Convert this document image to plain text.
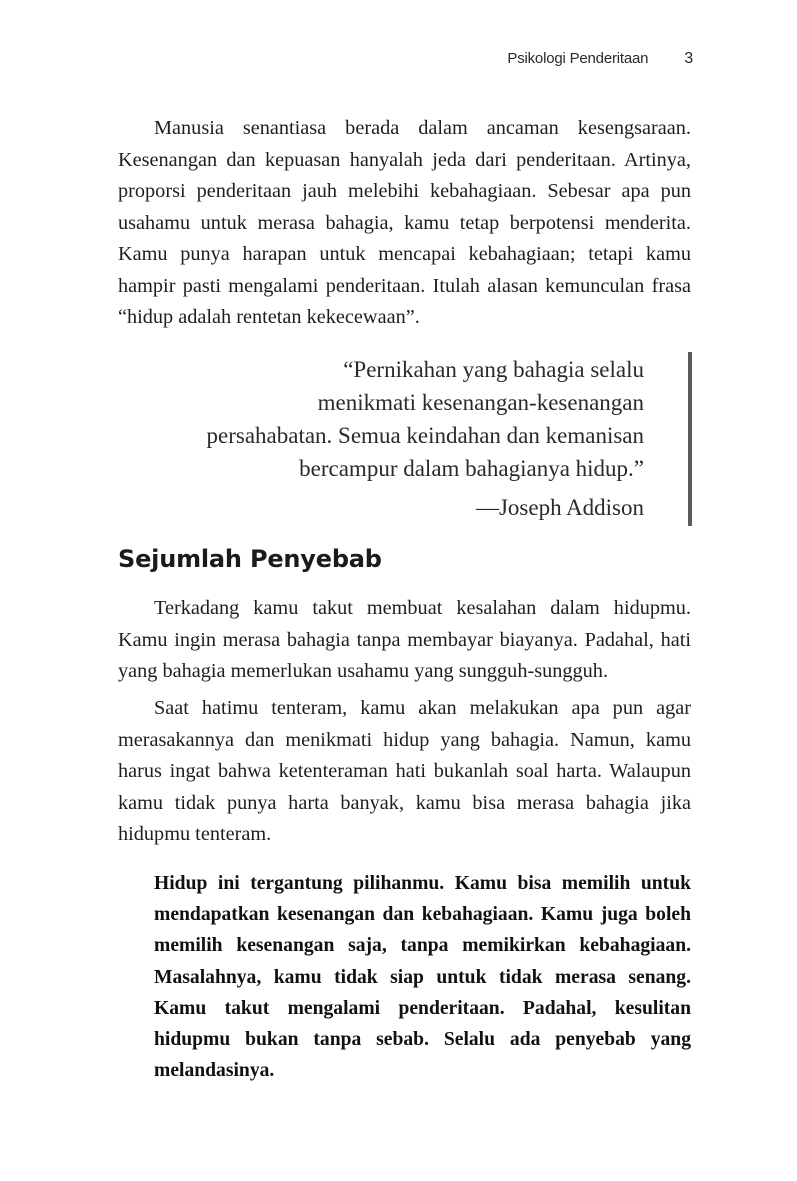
Psikologi Penderitaan 3

Manusia senantiasa berada dalam ancaman kesengsaraan. Kesenangan dan kepuasan hanyalah jeda dari penderitaan. Artinya, proporsi penderitaan jauh melebihi kebahagiaan. Sebesar apa pun usahamu untuk merasa bahagia, kamu tetap berpotensi menderita. Kamu punya harapan untuk mencapai kebahagiaan; tetapi kamu hampir pasti mengalami penderitaan. Itulah alasan kemunculan frasa “hidup adalah rentetan kekecewaan”.

“Pernikahan yang bahagia selalu
menikmati kesenangan-kesenangan
persahabatan. Semua keindahan dan kemanisan
bercampur dalam bahagianya hidup.”

—Joseph Addison
Sejumlah Penyebab

Terkadang kamu takut membuat kesalahan dalam hidupmu. Kamu ingin merasa bahagia tanpa membayar biayanya. Padahal, hati yang bahagia memerlukan usahamu yang sungguh-sungguh.

Saat hatimu tenteram, kamu akan melakukan apa pun agar merasakannya dan menikmati hidup yang bahagia. Namun, kamu harus ingat bahwa ketenteraman hati bukanlah soal harta. Walaupun kamu tidak punya harta banyak, kamu bisa merasa bahagia jika hidupmu tenteram.

Hidup ini tergantung pilihanmu. Kamu bisa memilih untuk mendapatkan kesenangan dan kebahagiaan. Kamu juga boleh memilih kesenangan saja, tanpa memikirkan kebahagiaan. Masalahnya, kamu tidak siap untuk tidak merasa senang. Kamu takut mengalami penderitaan. Padahal, kesulitan hidupmu bukan tanpa sebab. Selalu ada penyebab yang melandasinya.
